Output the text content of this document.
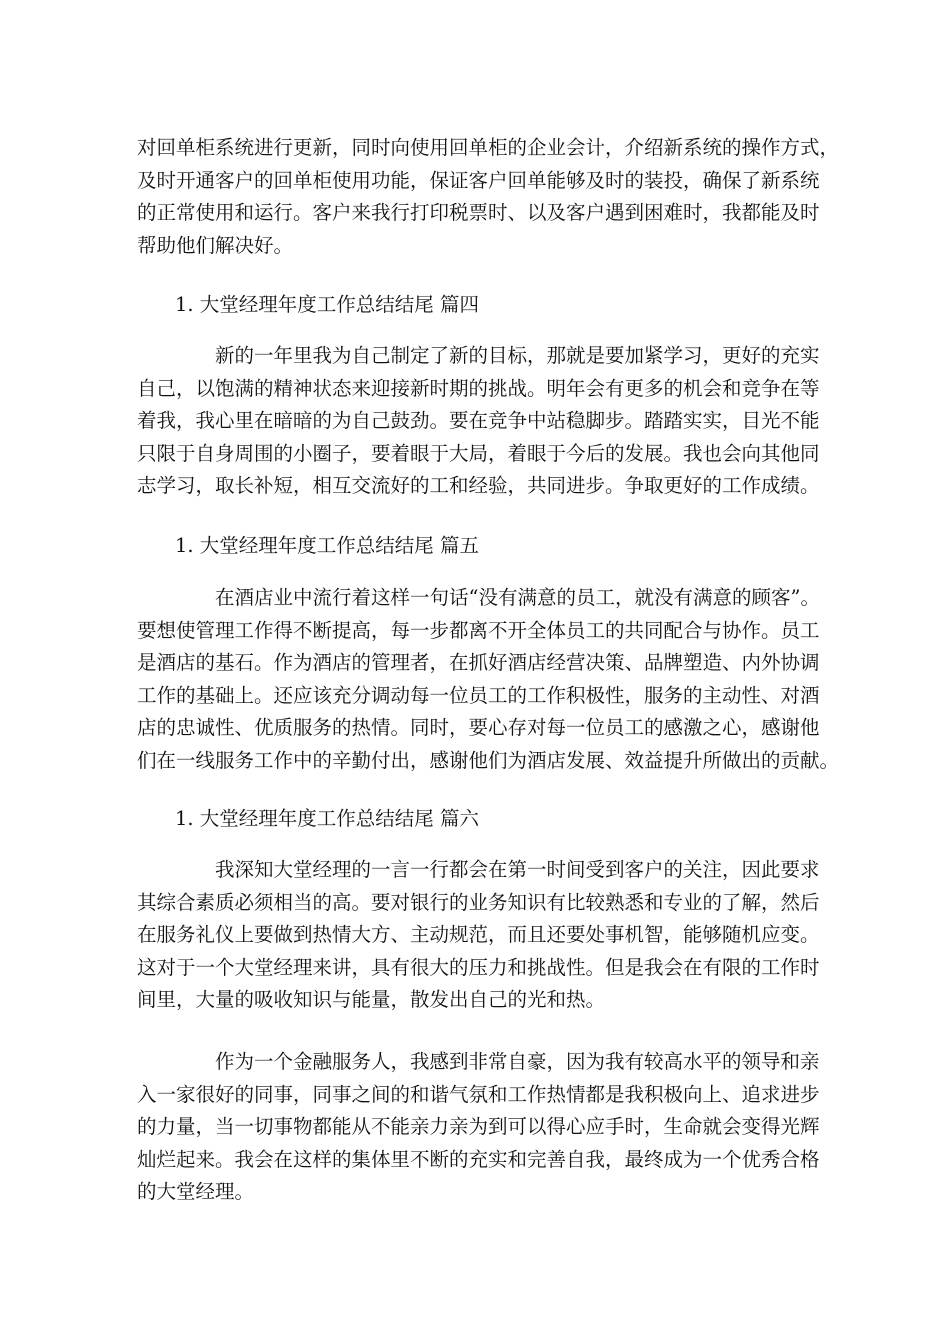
对回单柜系统进行更新，同时向使用回单柜的企业会计，介绍新系统的操作方式，
及时开通客户的回单柜使用功能，保证客户回单能够及时的装投，确保了新系统
的正常使用和运行。客户来我行打印税票时、以及客户遇到困难时，我都能及时
帮助他们解决好。
1. 大堂经理年度工作总结结尾 篇四
新的一年里我为自己制定了新的目标，那就是要加紧学习，更好的充实
自己，以饱满的精神状态来迎接新时期的挑战。明年会有更多的机会和竞争在等
着我，我心里在暗暗的为自己鼓劲。要在竞争中站稳脚步。踏踏实实，目光不能
只限于自身周围的小圈子，要着眼于大局，着眼于今后的发展。我也会向其他同
志学习，取长补短，相互交流好的工和经验，共同进步。争取更好的工作成绩。
1. 大堂经理年度工作总结结尾 篇五
在酒店业中流行着这样一句话“没有满意的员工，就没有满意的顾客”。
要想使管理工作得不断提高，每一步都离不开全体员工的共同配合与协作。员工
是酒店的基石。作为酒店的管理者，在抓好酒店经营决策、品牌塑造、内外协调
工作的基础上。还应该充分调动每一位员工的工作积极性，服务的主动性、对酒
店的忠诚性、优质服务的热情。同时，要心存对每一位员工的感激之心，感谢他
们在一线服务工作中的辛勤付出，感谢他们为酒店发展、效益提升所做出的贡献。
1. 大堂经理年度工作总结结尾 篇六
我深知大堂经理的一言一行都会在第一时间受到客户的关注，因此要求
其综合素质必须相当的高。要对银行的业务知识有比较熟悉和专业的了解，然后
在服务礼仪上要做到热情大方、主动规范，而且还要处事机智，能够随机应变。
这对于一个大堂经理来讲，具有很大的压力和挑战性。但是我会在有限的工作时
间里，大量的吸收知识与能量，散发出自己的光和热。
作为一个金融服务人，我感到非常自豪，因为我有较高水平的领导和亲
入一家很好的同事，同事之间的和谐气氛和工作热情都是我积极向上、追求进步
的力量，当一切事物都能从不能亲力亲为到可以得心应手时，生命就会变得光辉
灿烂起来。我会在这样的集体里不断的充实和完善自我，最终成为一个优秀合格
的大堂经理。
